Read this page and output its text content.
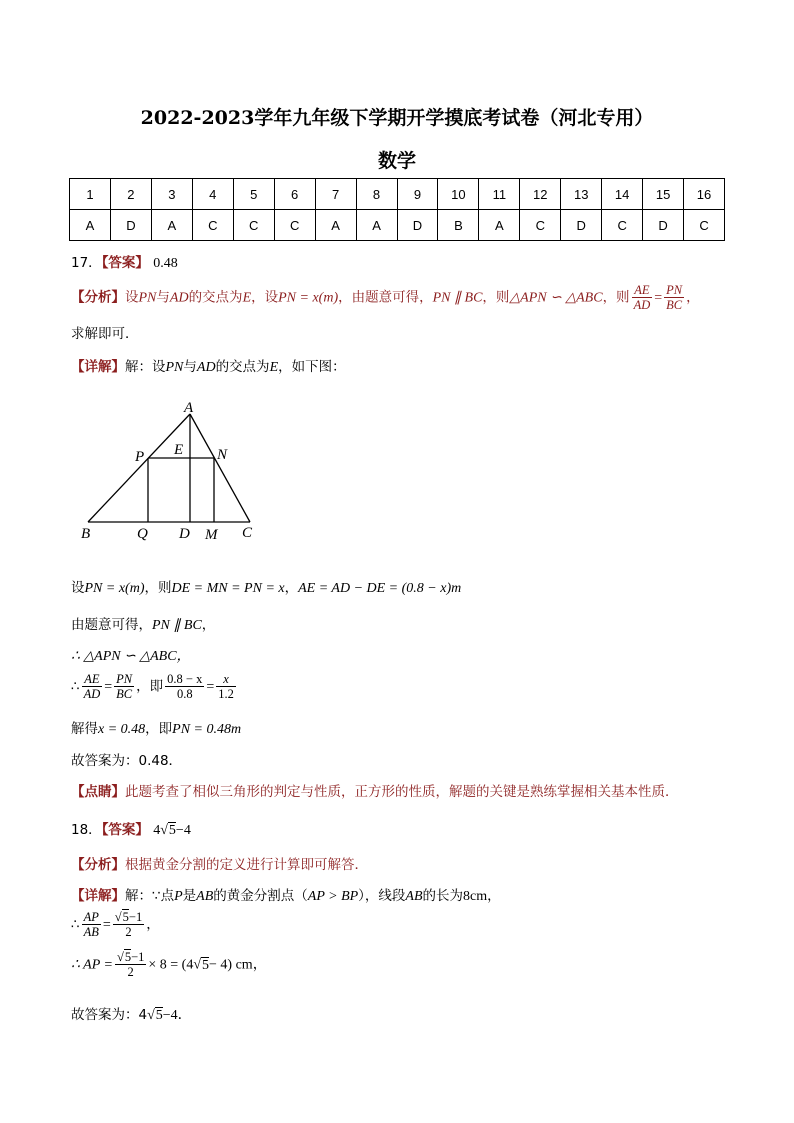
2022-2023学年九年级下学期开学摸底考试卷（河北专用）
数学
1	2	3	4	5	6	7	8	9	10	11	12	13	14	15	16
A	D	A	C	C	C	A	A	D	B	A	C	D	C	D	C
17．【答案】 0.48
【分析】设PN与AD的交点为E，设PN = x(m)，由题意可得，PN ∥ BC，则△APN ∽ △ABC，则 $\frac{AE}{AD} = \frac{PN}{BC}$ ，
求解即可．
【详解】解：设PN与AD的交点为E，如下图：
A
P E N
B	Q D M C
设PN = x(m)，则DE = MN = PN = x，AE = AD − DE = (0.8 − x)m
由题意可得，PN ∥ BC，
∴ △APN ∽ △ABC，
∴ $\frac{AE}{AD} = \frac{PN}{BC}$ ，即 $\frac{0.8 - x}{0.8} = \frac{x}{1.2}$
解得x = 0.48，即PN = 0.48m
故答案为：0.48．
【点睛】此题考查了相似三角形的判定与性质，正方形的性质，解题的关键是熟练掌握相关基本性质．
18．【答案】 4√5−4
【分析】根据黄金分割的定义进行计算即可解答．
【详解】解：∵点P是AB的黄金分割点（AP > BP），线段AB的长为8cm，
∴ $\frac{AP}{AB} = \frac{√5-1}{2}$ ，
∴ AP = $\frac{√5-1}{2} \times 8 = (4√5- 4)$ cm，
故答案为：4√5−4．
